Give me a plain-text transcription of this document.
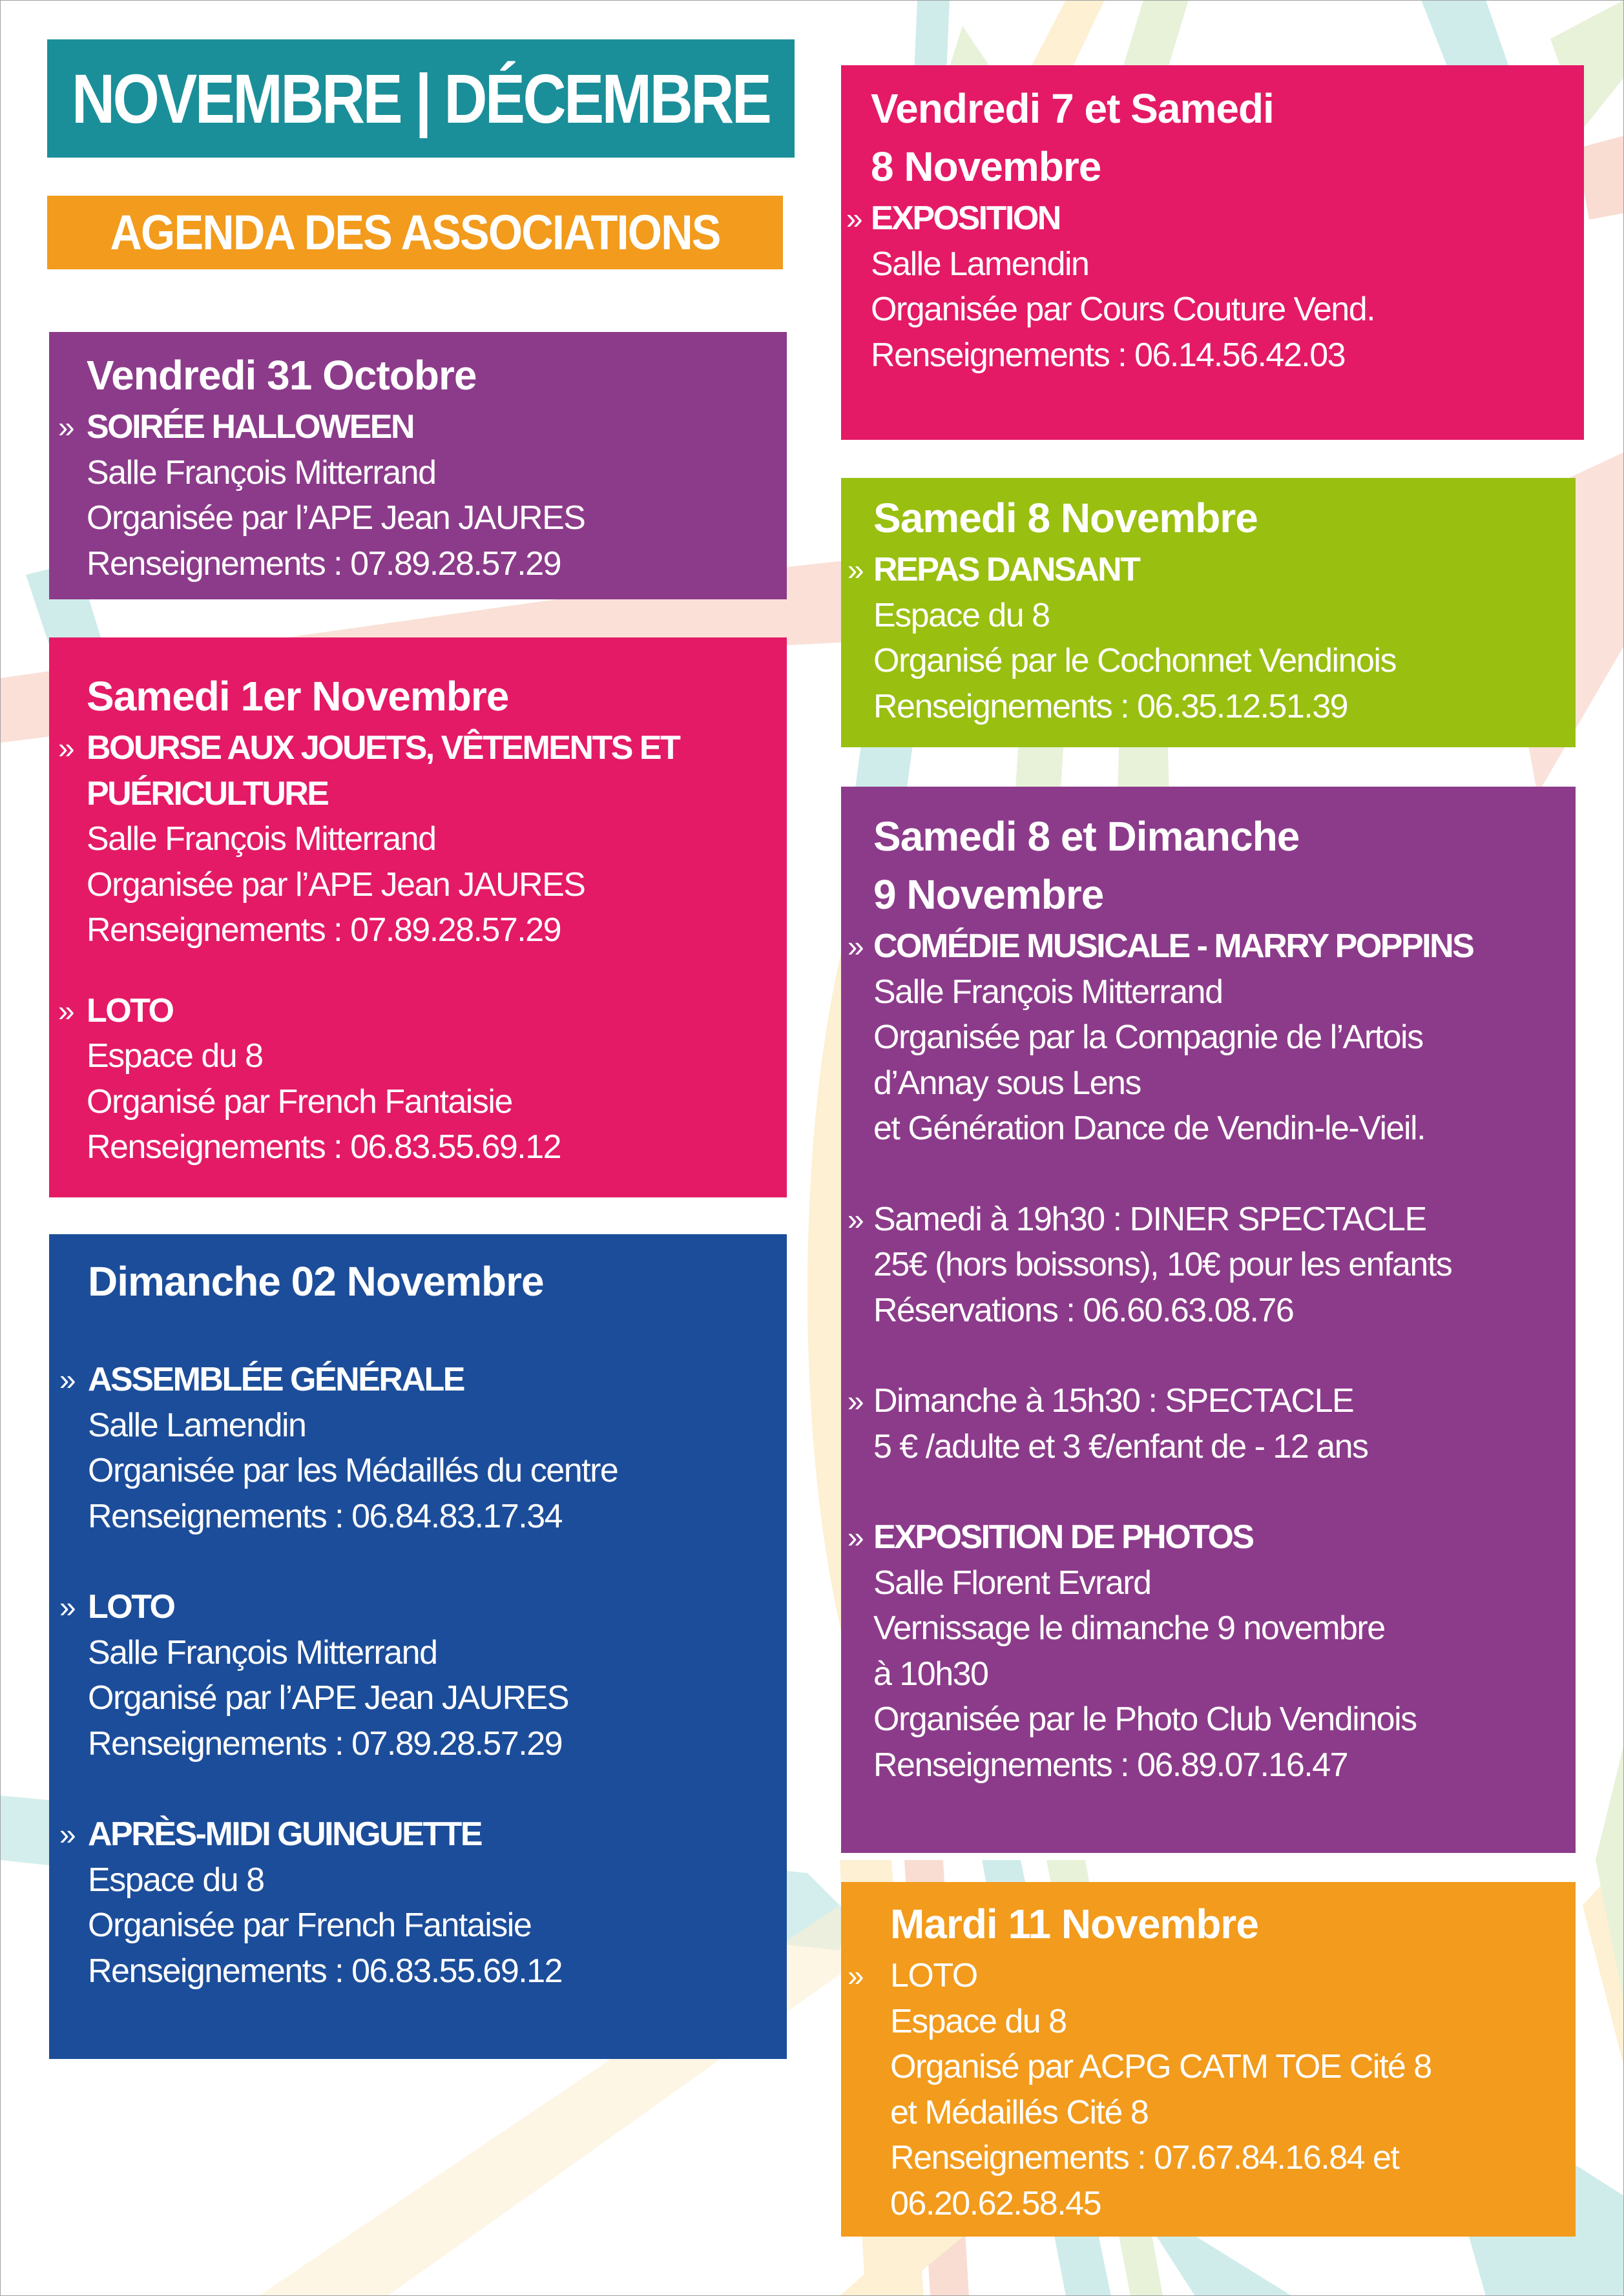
NOVEMBRE | DÉCEMBRE
AGENDA DES ASSOCIATIONS
Vendredi 31 Octobre
» SOIRÉE HALLOWEEN
Salle François Mitterrand
Organisée par l’APE Jean JAURES
Renseignements : 07.89.28.57.29
Samedi 1er Novembre
» BOURSE AUX JOUETS, VÊTEMENTS ET
PUÉRICULTURE
Salle François Mitterrand
Organisée par l’APE Jean JAURES
Renseignements : 07.89.28.57.29
» LOTO
Espace du 8
Organisé par French Fantaisie
Renseignements : 06.83.55.69.12
Dimanche 02 Novembre
» ASSEMBLÉE GÉNÉRALE
Salle Lamendin
Organisée par les Médaillés du centre
Renseignements : 06.84.83.17.34
» LOTO
Salle François Mitterrand
Organisé par l’APE Jean JAURES
Renseignements : 07.89.28.57.29
» APRÈS-MIDI GUINGUETTE
Espace du 8
Organisée par French Fantaisie
Renseignements : 06.83.55.69.12
Vendredi 7 et Samedi
8 Novembre
» EXPOSITION
Salle Lamendin
Organisée par Cours Couture Vend.
Renseignements : 06.14.56.42.03
Samedi 8 Novembre
» REPAS DANSANT
Espace du 8
Organisé par le Cochonnet Vendinois
Renseignements : 06.35.12.51.39
Samedi 8 et Dimanche
9 Novembre
» COMÉDIE MUSICALE - MARRY POPPINS
Salle François Mitterrand
Organisée par la Compagnie de l’Artois
d’Annay sous Lens
et Génération Dance de Vendin-le-Vieil.
» Samedi à 19h30 : DINER SPECTACLE
25€ (hors boissons), 10€ pour les enfants
Réservations : 06.60.63.08.76
» Dimanche à 15h30 : SPECTACLE
5 € /adulte et 3 €/enfant de - 12 ans
» EXPOSITION DE PHOTOS
Salle Florent Evrard
Vernissage le dimanche 9 novembre
à 10h30
Organisée par le Photo Club Vendinois
Renseignements : 06.89.07.16.47
Mardi 11 Novembre
» LOTO
Espace du 8
Organisé par ACPG CATM TOE Cité 8
et Médaillés Cité 8
Renseignements : 07.67.84.16.84 et
06.20.62.58.45
